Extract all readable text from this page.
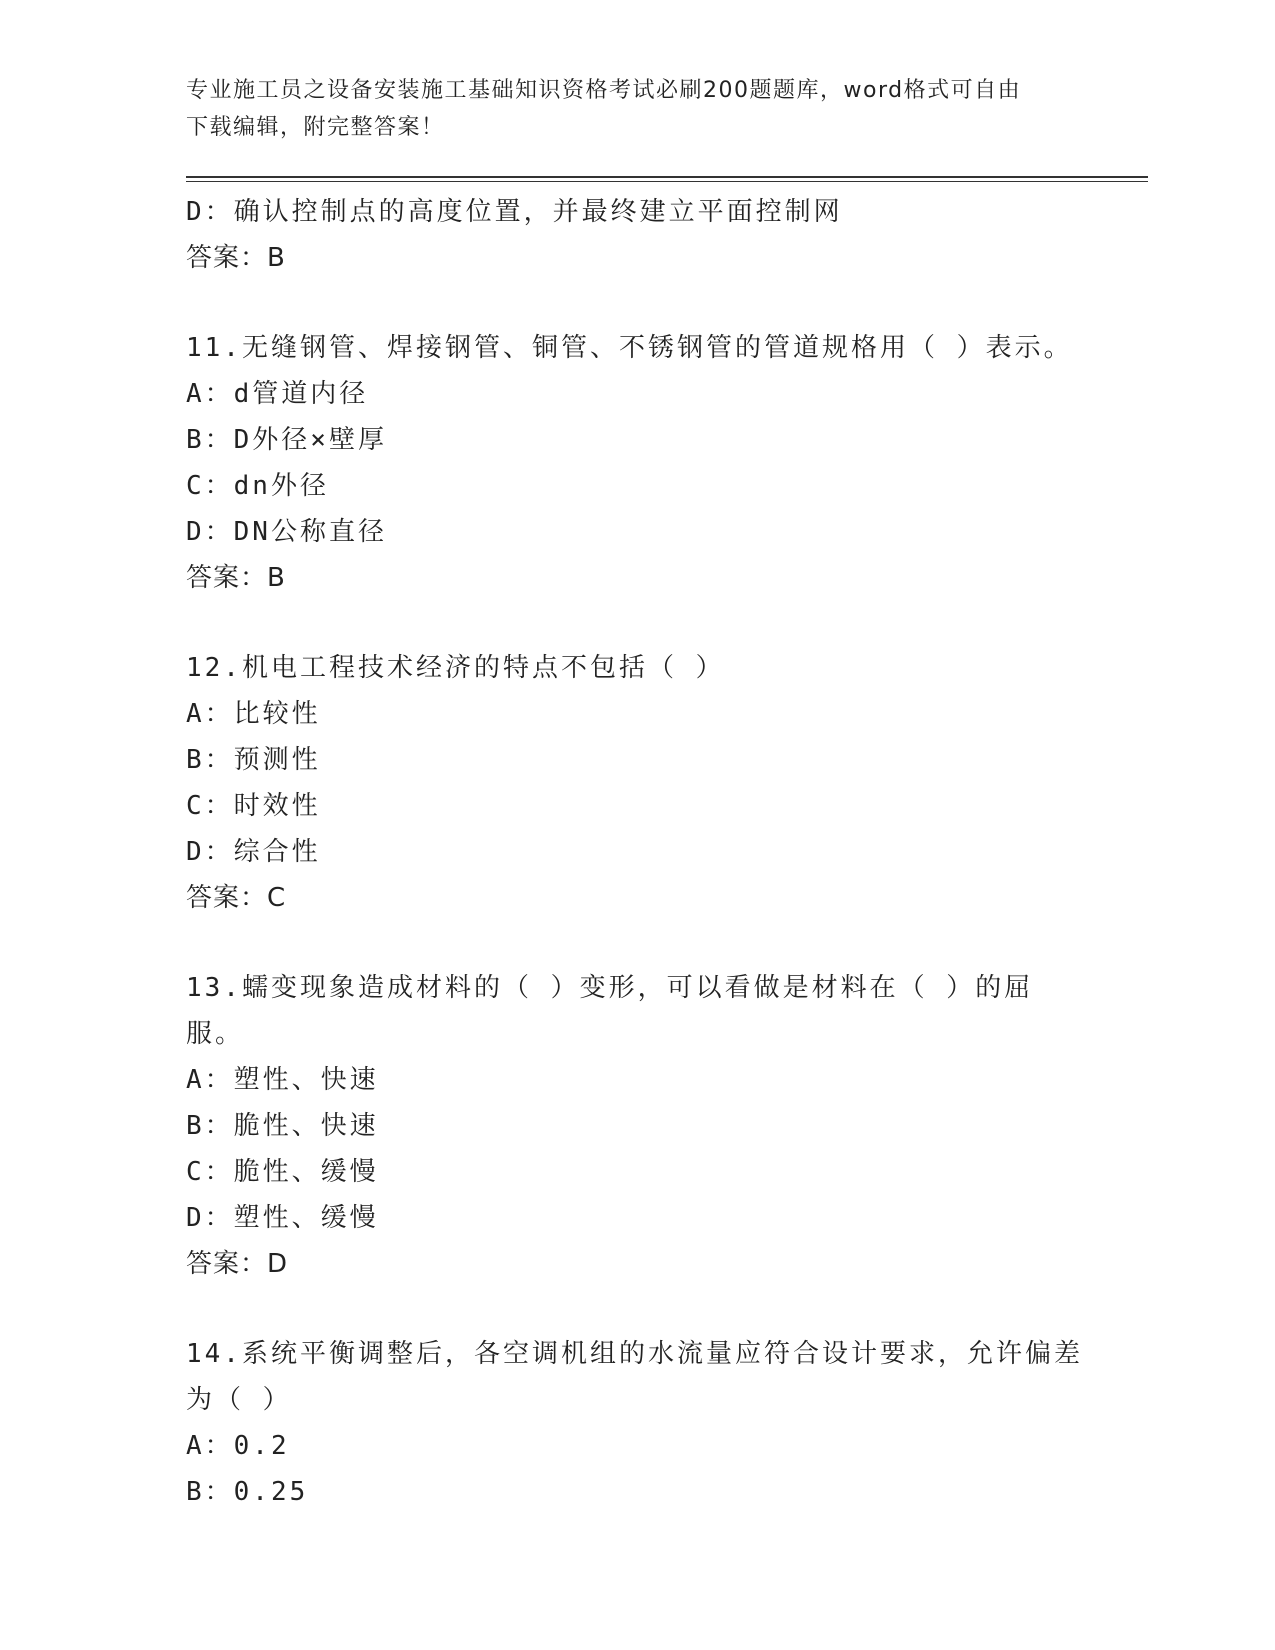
专业施工员之设备安装施工基础知识资格考试必刷200题题库，word格式可自由
下载编辑，附完整答案！
D：确认控制点的高度位置，并最终建立平面控制网
答案：B
11.无缝钢管、焊接钢管、铜管、不锈钢管的管道规格用（ ）表示。
A：d管道内径
B：D外径×壁厚
C：dn外径
D：DN公称直径
答案：B
12.机电工程技术经济的特点不包括（ ）
A：比较性
B：预测性
C：时效性
D：综合性
答案：C
13.蠕变现象造成材料的（ ）变形，可以看做是材料在（ ）的屈服。
A：塑性、快速
B：脆性、快速
C：脆性、缓慢
D：塑性、缓慢
答案：D
14.系统平衡调整后，各空调机组的水流量应符合设计要求，允许偏差为（ ）
A：0.2
B：0.25
